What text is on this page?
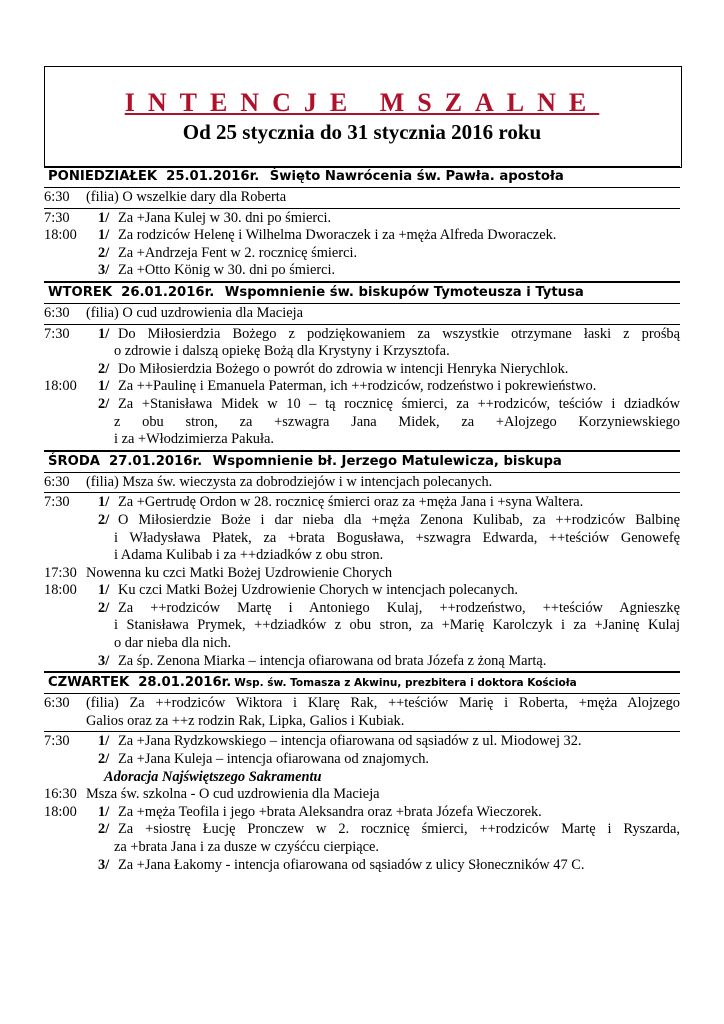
INTENCJE MSZALNE
Od 25 stycznia do 31 stycznia 2016 roku
PONIEDZIAŁEK 25.01.2016r. Święto Nawrócenia św. Pawła. apostoła
6:30 (filia) O wszelkie dary dla Roberta
7:30 1/ Za +Jana Kulej w 30. dni po śmierci.
18:00 1/ Za rodziców Helenę i Wilhelma Dworaczek i za +męża Alfreda Dworaczek.
2/ Za +Andrzeja Fent w 2. rocznicę śmierci.
3/ Za +Otto König w 30. dni po śmierci.
WTOREK 26.01.2016r. Wspomnienie św. biskupów Tymoteusza i Tytusa
6:30 (filia) O cud uzdrowienia dla Macieja
7:30 1/ Do Miłosierdzia Bożego z podziękowaniem za wszystkie otrzymane łaski z prośbą
o zdrowie i dalszą opiekę Bożą dla Krystyny i Krzysztofa.
2/ Do Miłosierdzia Bożego o powrót do zdrowia w intencji Henryka Nierychlok.
18:00 1/ Za ++Paulinę i Emanuela Paterman, ich ++rodziców, rodzeństwo i pokrewieństwo.
2/ Za +Stanisława Midek w 10 – tą rocznicę śmierci, za ++rodziców, teściów i dziadków
z obu stron, za +szwagra Jana Midek, za +Alojzego Korzyniewskiego
i za +Włodzimierza Pakuła.
ŚRODA 27.01.2016r. Wspomnienie bł. Jerzego Matulewicza, biskupa
6:30 (filia) Msza św. wieczysta za dobrodziejów i w intencjach polecanych.
7:30 1/ Za +Gertrudę Ordon w 28. rocznicę śmierci oraz za +męża Jana i +syna Waltera.
2/ O Miłosierdzie Boże i dar nieba dla +męża Zenona Kulibab, za ++rodziców Balbinę
i Władysława Płatek, za +brata Bogusława, +szwagra Edwarda, ++teściów Genowefę
i Adama Kulibab i za ++dziadków z obu stron.
17:30 Nowenna ku czci Matki Bożej Uzdrowienie Chorych
18:00 1/ Ku czci Matki Bożej Uzdrowienie Chorych w intencjach polecanych.
2/ Za ++rodziców Martę i Antoniego Kulaj, ++rodzeństwo, ++teściów Agnieszkę
i Stanisława Prymek, ++dziadków z obu stron, za +Marię Karolczyk i za +Janinę Kulaj
o dar nieba dla nich.
3/ Za śp. Zenona Miarka – intencja ofiarowana od brata Józefa z żoną Martą.
CZWARTEK 28.01.2016r. Wsp. św. Tomasza z Akwinu, prezbitera i doktora Kościoła
6:30 (filia) Za ++rodziców Wiktora i Klarę Rak, ++teściów Marię i Roberta, +męża Alojzego
Galios oraz za ++z rodzin Rak, Lipka, Galios i Kubiak.
7:30 1/ Za +Jana Rydzkowskiego – intencja ofiarowana od sąsiadów z ul. Miodowej 32.
2/ Za +Jana Kuleja – intencja ofiarowana od znajomych.
Adoracja Najświętszego Sakramentu
16:30 Msza św. szkolna - O cud uzdrowienia dla Macieja
18:00 1/ Za +męża Teofila i jego +brata Aleksandra oraz +brata Józefa Wieczorek.
2/ Za +siostrę Łucję Pronczew w 2. rocznicę śmierci, ++rodziców Martę i Ryszarda,
za +brata Jana i za dusze w czyśćcu cierpiące.
3/ Za +Jana Łakomy - intencja ofiarowana od sąsiadów z ulicy Słoneczników 47 C.
